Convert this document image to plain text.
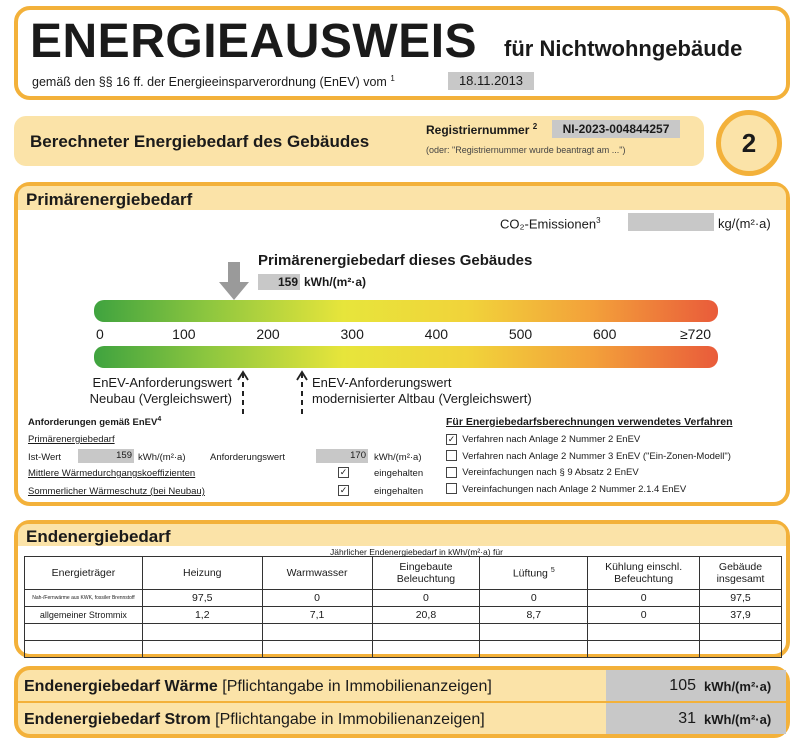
ENERGIEAUSWEIS für Nichtwohngebäude
gemäß den §§ 16 ff. der Energieeinsparverordnung (EnEV) vom $^1$	18.11.2013
Berechneter Energiebedarf des Gebäudes
Registriernummer $^2$	NI-2023-004844257
(oder: "Registriernummer wurde beantragt am ...")	2
Primärenergiebedarf
CO₂-Emissionen$^3$	kg/(m²·a)
Primärenergiebedarf dieses Gebäudes
159 kWh/(m²·a)
0	100	200	300	400	500	600	≥720
EnEV-Anforderungswert
Neubau (Vergleichswert)
EnEV-Anforderungswert
modernisierter Altbau (Vergleichswert)
Anforderungen gemäß EnEV$^4$
Primärenergiebedarf
Ist-Wert	159 kWh/(m²·a)	Anforderungswert	170 kWh/(m²·a)
Mittlere Wärmedurchgangskoeffizienten	✓	eingehalten
Sommerlicher Wärmeschutz (bei Neubau)	✓	eingehalten
Für Energiebedarfsberechnungen verwendetes Verfahren
✓ Verfahren nach Anlage 2 Nummer 2 EnEV
Verfahren nach Anlage 2 Nummer 3 EnEV ("Ein-Zonen-Modell")
Vereinfachungen nach § 9 Absatz 2 EnEV
Vereinfachungen nach Anlage 2 Nummer 2.1.4 EnEV
Endenergiebedarf
Jährlicher Endenergiebedarf in kWh/(m²·a) für
Energieträger	Heizung	Warmwasser	Eingebaute Beleuchtung	Lüftung $^5$	Kühlung einschl. Befeuchtung	Gebäude insgesamt
Nah-/Fernwärme aus KWK, fossiler Brennstoff	97,5	0	0	0	0	97,5
allgemeiner Strommix	1,2	7,1	20,8	8,7	0	37,9

Endenergiebedarf Wärme [Pflichtangabe in Immobilienanzeigen]	105 kWh/(m²·a)
Endenergiebedarf Strom [Pflichtangabe in Immobilienanzeigen]	31 kWh/(m²·a)
